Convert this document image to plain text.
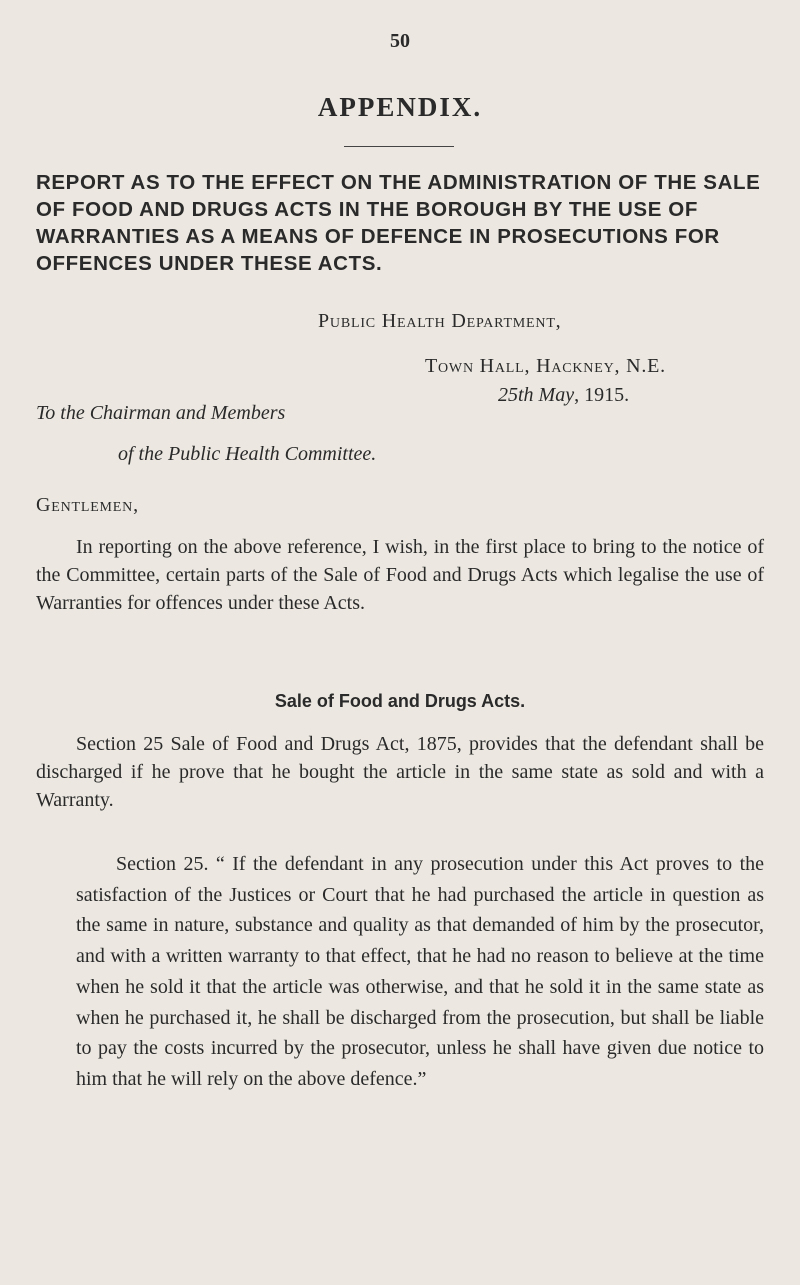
50
APPENDIX.
REPORT AS TO THE EFFECT ON THE ADMINISTRATION OF THE SALE OF FOOD AND DRUGS ACTS IN THE BOROUGH BY THE USE OF WARRANTIES AS A MEANS OF DEFENCE IN PROSECUTIONS FOR OFFENCES UNDER THESE ACTS.
Public Health Department,
Town Hall, Hackney, N.E.
25th May, 1915.
To the Chairman and Members
of the Public Health Committee.
Gentlemen,

In reporting on the above reference, I wish, in the first place to bring to the notice of the Committee, certain parts of the Sale of Food and Drugs Acts which legalise the use of Warranties for offences under these Acts.

Sale of Food and Drugs Acts.

Section 25 Sale of Food and Drugs Act, 1875, provides that the defendant shall be discharged if he prove that he bought the article in the same state as sold and with a Warranty.

Section 25. “ If the defendant in any prosecution under this Act proves to the satisfaction of the Justices or Court that he had purchased the article in question as the same in nature, substance and quality as that demanded of him by the prosecutor, and with a written warranty to that effect, that he had no reason to believe at the time when he sold it that the article was otherwise, and that he sold it in the same state as when he purchased it, he shall be discharged from the prosecution, but shall be liable to pay the costs incurred by the prosecutor, unless he shall have given due notice to him that he will rely on the above defence.”
